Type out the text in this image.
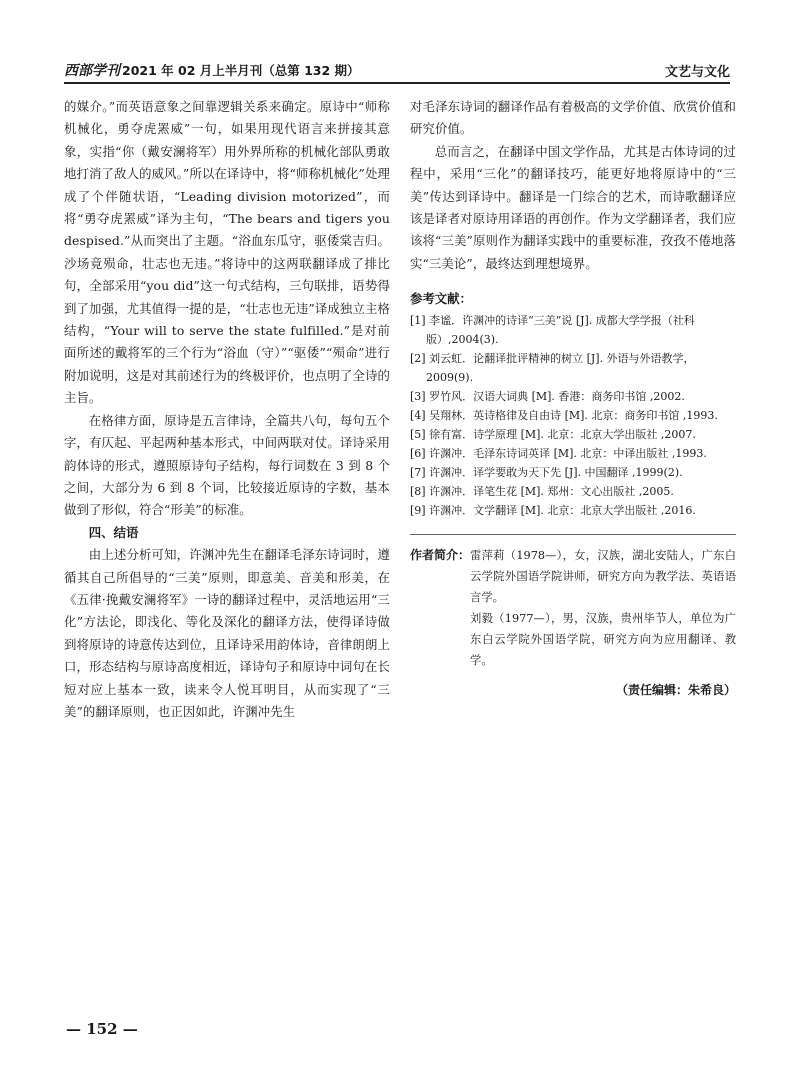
西部学刊 2021 年 02 月上半月刊（总第 132 期）	文艺与文化

的媒介。”而英语意象之间靠逻辑关系来确定。原诗中“师称机械化，勇夺虎罴威”一句，如果用现代语言来拼接其意象，实指“你（戴安澜将军）用外界所称的机械化部队勇敢地打消了敌人的威风。”所以在译诗中，将“师称机械化”处理成了个伴随状语，“Leading division motorized”，而将“勇夺虎罴威”译为主句，“The bears and tigers you despised.”从而突出了主题。“浴血东瓜守，驱倭棠吉归。沙场竟殒命，壮志也无违。”将诗中的这两联翻译成了排比句，全部采用“you did”这一句式结构，三句联排，语势得到了加强，尤其值得一提的是，“壮志也无违”译成独立主格结构，“Your will to serve the state fulfilled.”是对前面所述的戴将军的三个行为“浴血（守）”“驱倭”“殒命”进行附加说明，这是对其前述行为的终极评价，也点明了全诗的主旨。

在格律方面，原诗是五言律诗，全篇共八句，每句五个字，有仄起、平起两种基本形式，中间两联对仗。译诗采用韵体诗的形式，遵照原诗句子结构，每行词数在 3 到 8 个之间，大部分为 6 到 8 个词，比较接近原诗的字数，基本做到了形似，符合“形美”的标准。

四、结语

由上述分析可知，许渊冲先生在翻译毛泽东诗词时，遵循其自己所倡导的“三美”原则，即意美、音美和形美，在《五律·挽戴安澜将军》一诗的翻译过程中，灵活地运用“三化”方法论，即浅化、等化及深化的翻译方法，使得译诗做到将原诗的诗意传达到位，且译诗采用韵体诗，音律朗朗上口，形态结构与原诗高度相近，译诗句子和原诗中词句在长短对应上基本一致，读来令人悦耳明目，从而实现了“三美”的翻译原则，也正因如此，许渊冲先生

对毛泽东诗词的翻译作品有着极高的文学价值、欣赏价值和研究价值。

总而言之，在翻译中国文学作品，尤其是古体诗词的过程中，采用“三化”的翻译技巧，能更好地将原诗中的“三美”传达到译诗中。翻译是一门综合的艺术，而诗歌翻译应该是译者对原诗用译语的再创作。作为文学翻译者，我们应该将“三美”原则作为翻译实践中的重要标准，孜孜不倦地落实“三美论”，最终达到理想境界。

参考文献：
[1] 李谧．许渊冲的诗译“三美”说 [J]. 成都大学学报（社科版）,2004(3).
[2] 刘云虹．论翻译批评精神的树立 [J]. 外语与外语教学，2009(9).
[3] 罗竹风．汉语大词典 [M]. 香港：商务印书馆 ,2002.
[4] 吴翔林．英诗格律及自由诗 [M]. 北京：商务印书馆 ,1993.
[5] 徐有富．诗学原理 [M]. 北京：北京大学出版社 ,2007.
[6] 许渊冲．毛泽东诗词英译 [M]. 北京：中译出版社 ,1993.
[7] 许渊冲．译学要敢为天下先 [J]. 中国翻译 ,1999(2).
[8] 许渊冲．译笔生花 [M]. 郑州：文心出版社 ,2005.
[9] 许渊冲．文学翻译 [M]. 北京：北京大学出版社 ,2016.
作者简介： 雷萍莉（1978—），女，汉族，湖北安陆人，广东白云学院外国语学院讲师，研究方向为教学法、英语语言学。

刘毅（1977—），男，汉族，贵州毕节人，单位为广东白云学院外国语学院，研究方向为应用翻译、教学。

（责任编辑：朱希良）
— 152 —
